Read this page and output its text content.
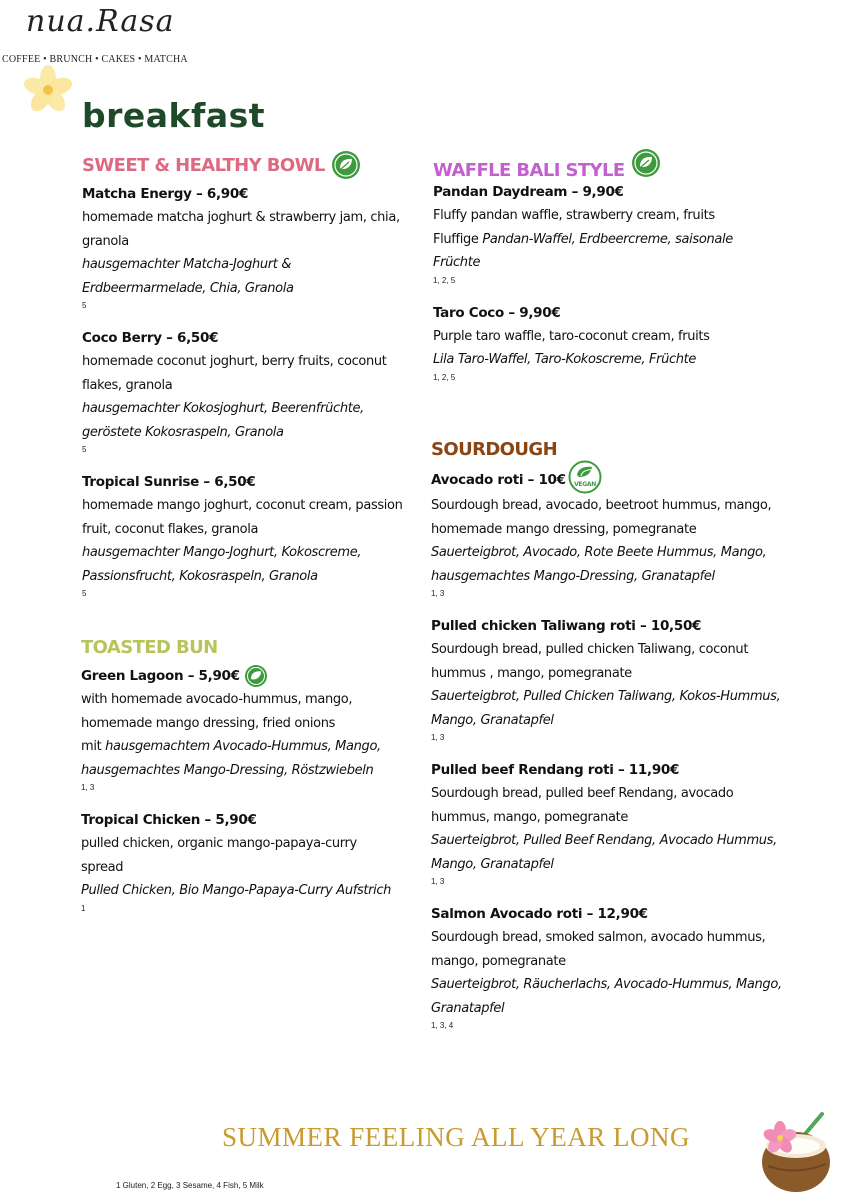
nua.Rasa
COFFEE • BRUNCH • CAKES • MATCHA
breakfast
SWEET & HEALTHY BOWL
Matcha Energy – 6,90€
homemade matcha joghurt & strawberry jam, chia, granola
hausgemachter Matcha-Joghurt & Erdbeermarmelade, Chia, Granola
5
Coco Berry – 6,50€
homemade coconut joghurt, berry fruits, coconut flakes, granola
hausgemachter Kokosjoghurt, Beerenfrüchte, geröstete Kokosraspeln, Granola
5
Tropical Sunrise – 6,50€
homemade mango joghurt, coconut cream, passion fruit, coconut flakes, granola
hausgemachter Mango-Joghurt, Kokoscreme, Passionsfrucht, Kokosraspeln, Granola
5
TOASTED BUN
Green Lagoon – 5,90€
with homemade avocado-hummus, mango, homemade mango dressing, fried onions
mit hausgemachtem Avocado-Hummus, Mango, hausgemachtes Mango-Dressing, Röstzwiebeln
1, 3
Tropical Chicken – 5,90€
pulled chicken, organic mango-papaya-curry spread
Pulled Chicken, Bio Mango-Papaya-Curry Aufstrich
1
WAFFLE BALI STYLE
Pandan Daydream – 9,90€
Fluffy pandan waffle, strawberry cream, fruits
Fluffige Pandan-Waffel, Erdbeercreme, saisonale Früchte
1, 2, 5
Taro Coco – 9,90€
Purple taro waffle, taro-coconut cream, fruits
Lila Taro-Waffel, Taro-Kokoscreme, Früchte
1, 2, 5
SOURDOUGH
Avocado roti – 10€ VEGAN
Sourdough bread, avocado, beetroot hummus, mango, homemade mango dressing, pomegranate
Sauerteigbrot, Avocado, Rote Beete Hummus, Mango, hausgemachtes Mango-Dressing, Granatapfel
1, 3
Pulled chicken Taliwang roti – 10,50€
Sourdough bread, pulled chicken Taliwang, coconut hummus , mango, pomegranate
Sauerteigbrot, Pulled Chicken Taliwang, Kokos-Hummus, Mango, Granatapfel
1, 3
Pulled beef Rendang roti – 11,90€
Sourdough bread, pulled beef Rendang, avocado hummus, mango, pomegranate
Sauerteigbrot, Pulled Beef Rendang, Avocado Hummus, Mango, Granatapfel
1, 3
Salmon Avocado roti – 12,90€
Sourdough bread, smoked salmon, avocado hummus, mango, pomegranate
Sauerteigbrot, Räucherlachs, Avocado-Hummus, Mango, Granatapfel
1, 3, 4
SUMMER FEELING ALL YEAR LONG
1 Gluten, 2 Egg, 3 Sesame, 4 Fish, 5 Milk
